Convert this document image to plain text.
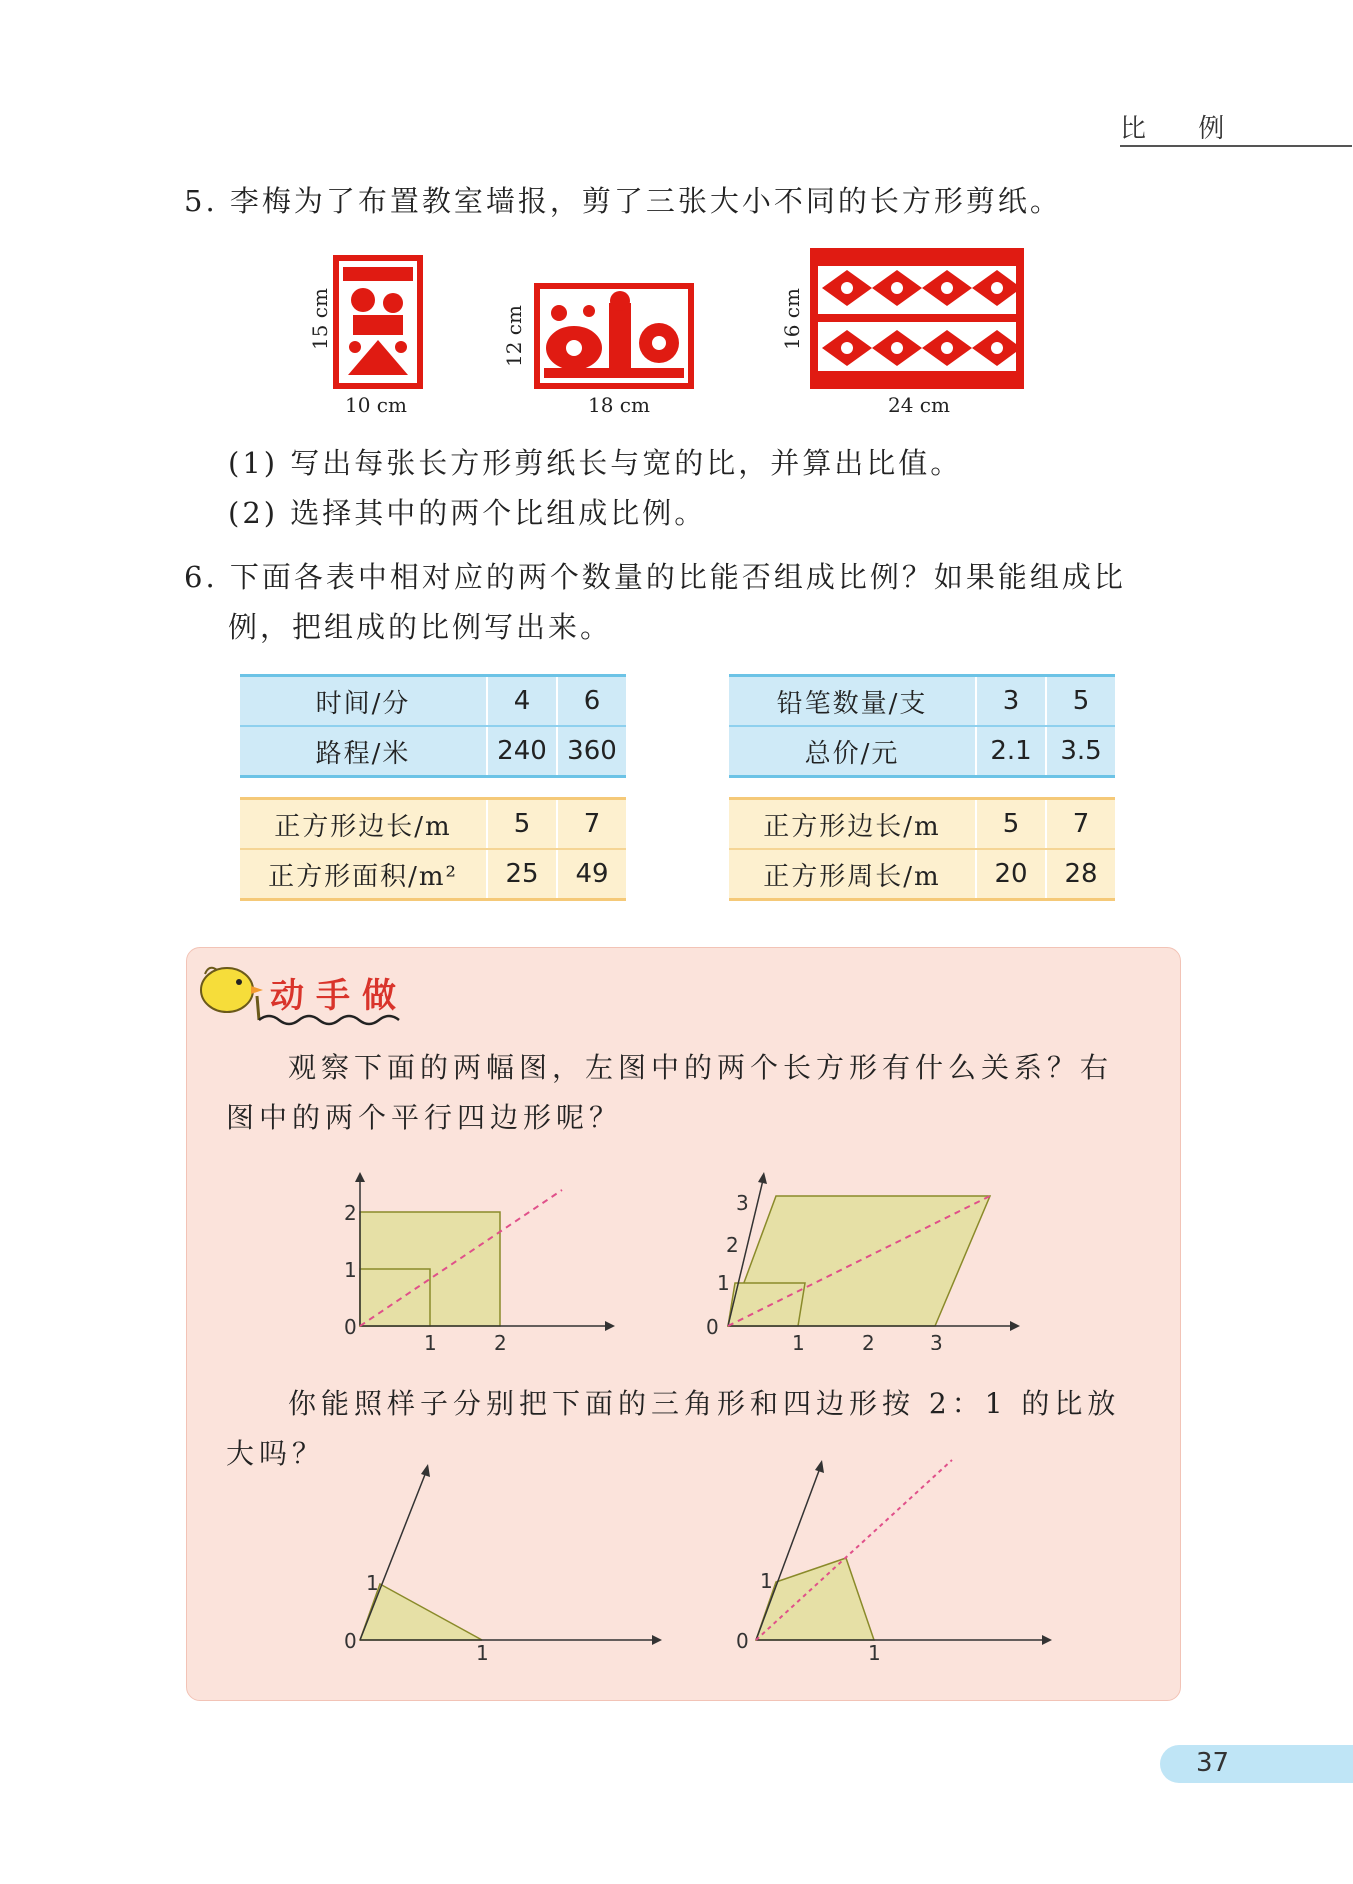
比 例
5. 李梅为了布置教室墙报，剪了三张大小不同的长方形剪纸。
15 cm
10 cm
12 cm
18 cm
16 cm
24 cm
(1) 写出每张长方形剪纸长与宽的比，并算出比值。
(2) 选择其中的两个比组成比例。
6. 下面各表中相对应的两个数量的比能否组成比例？如果能组成比
例，把组成的比例写出来。
时间/分	4	6
路程/米	240	360
铅笔数量/支	3	5
总价/元	2.1	3.5
正方形边长/m	5	7
正方形面积/m²	25	49
正方形边长/m	5	7
正方形周长/m	20	28
动手做
观察下面的两幅图，左图中的两个长方形有什么关系？右
图中的两个平行四边形呢？
0
1
2
1	2
0
1
2
3
1	2	3
你能照样子分别把下面的三角形和四边形按 2：1 的比放
大吗？
0
1
1	0
1
1
37
